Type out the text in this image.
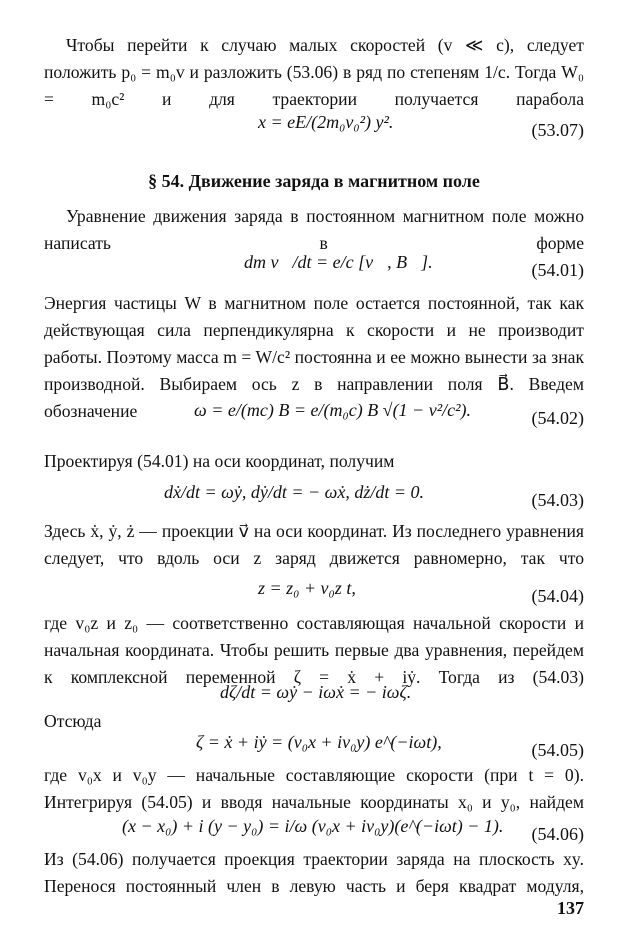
Чтобы перейти к случаю малых скоростей (v ≪ c), следует положить p₀ = m₀v и разложить (53.06) в ряд по степеням 1/c. Тогда W₀ = m₀c² и для траектории получается парабола
x = eE/(2m₀v₀²) y².	(53.07)
§ 54. Движение заряда в магнитном поле
Уравнение движения заряда в постоянном магнитном поле можно написать в форме
dm v⃗/dt = e/c [v⃗, B⃗].	(54.01)
Энергия частицы W в магнитном поле остается постоянной, так как действующая сила перпендикулярна к скорости и не производит работы. Поэтому масса m = W/c² постоянна и ее можно вынести за знак производной. Выбираем ось z в направлении поля B⃗. Введем обозначение	ω = e/(mc) B = e/(m₀c) B √(1 − v²/c²).	(54.02)
Проектируя (54.01) на оси координат, получим
dẋ/dt = ωẏ, dẏ/dt = − ωẋ, dż/dt = 0.	(54.03)
Здесь ẋ, ẏ, ż — проекции v⃗ на оси координат. Из последнего уравнения следует, что вдоль оси z заряд движется равномерно, так что
z = z₀ + v₀z t,	(54.04)
где v₀z и z₀ — соответственно составляющая начальной скорости и начальная координата. Чтобы решить первые два уравнения, перейдем к комплексной переменной ζ = ẋ + iẏ. Тогда из (54.03)
dζ/dt = ωẏ − iωẋ = − iωζ.
Отсюда
ζ = ẋ + iẏ = (v₀x + iv₀y) e^(−iωt),	(54.05)
где v₀x и v₀y — начальные составляющие скорости (при t = 0). Интегрируя (54.05) и вводя начальные координаты x₀ и y₀, найдем
(x − x₀) + i (y − y₀) = i/ω (v₀x + iv₀y)(e^(−iωt) − 1). (54.06)
Из (54.06) получается проекция траектории заряда на плоскость xy. Перенося постоянный член в левую часть и беря квадрат модуля,
137
